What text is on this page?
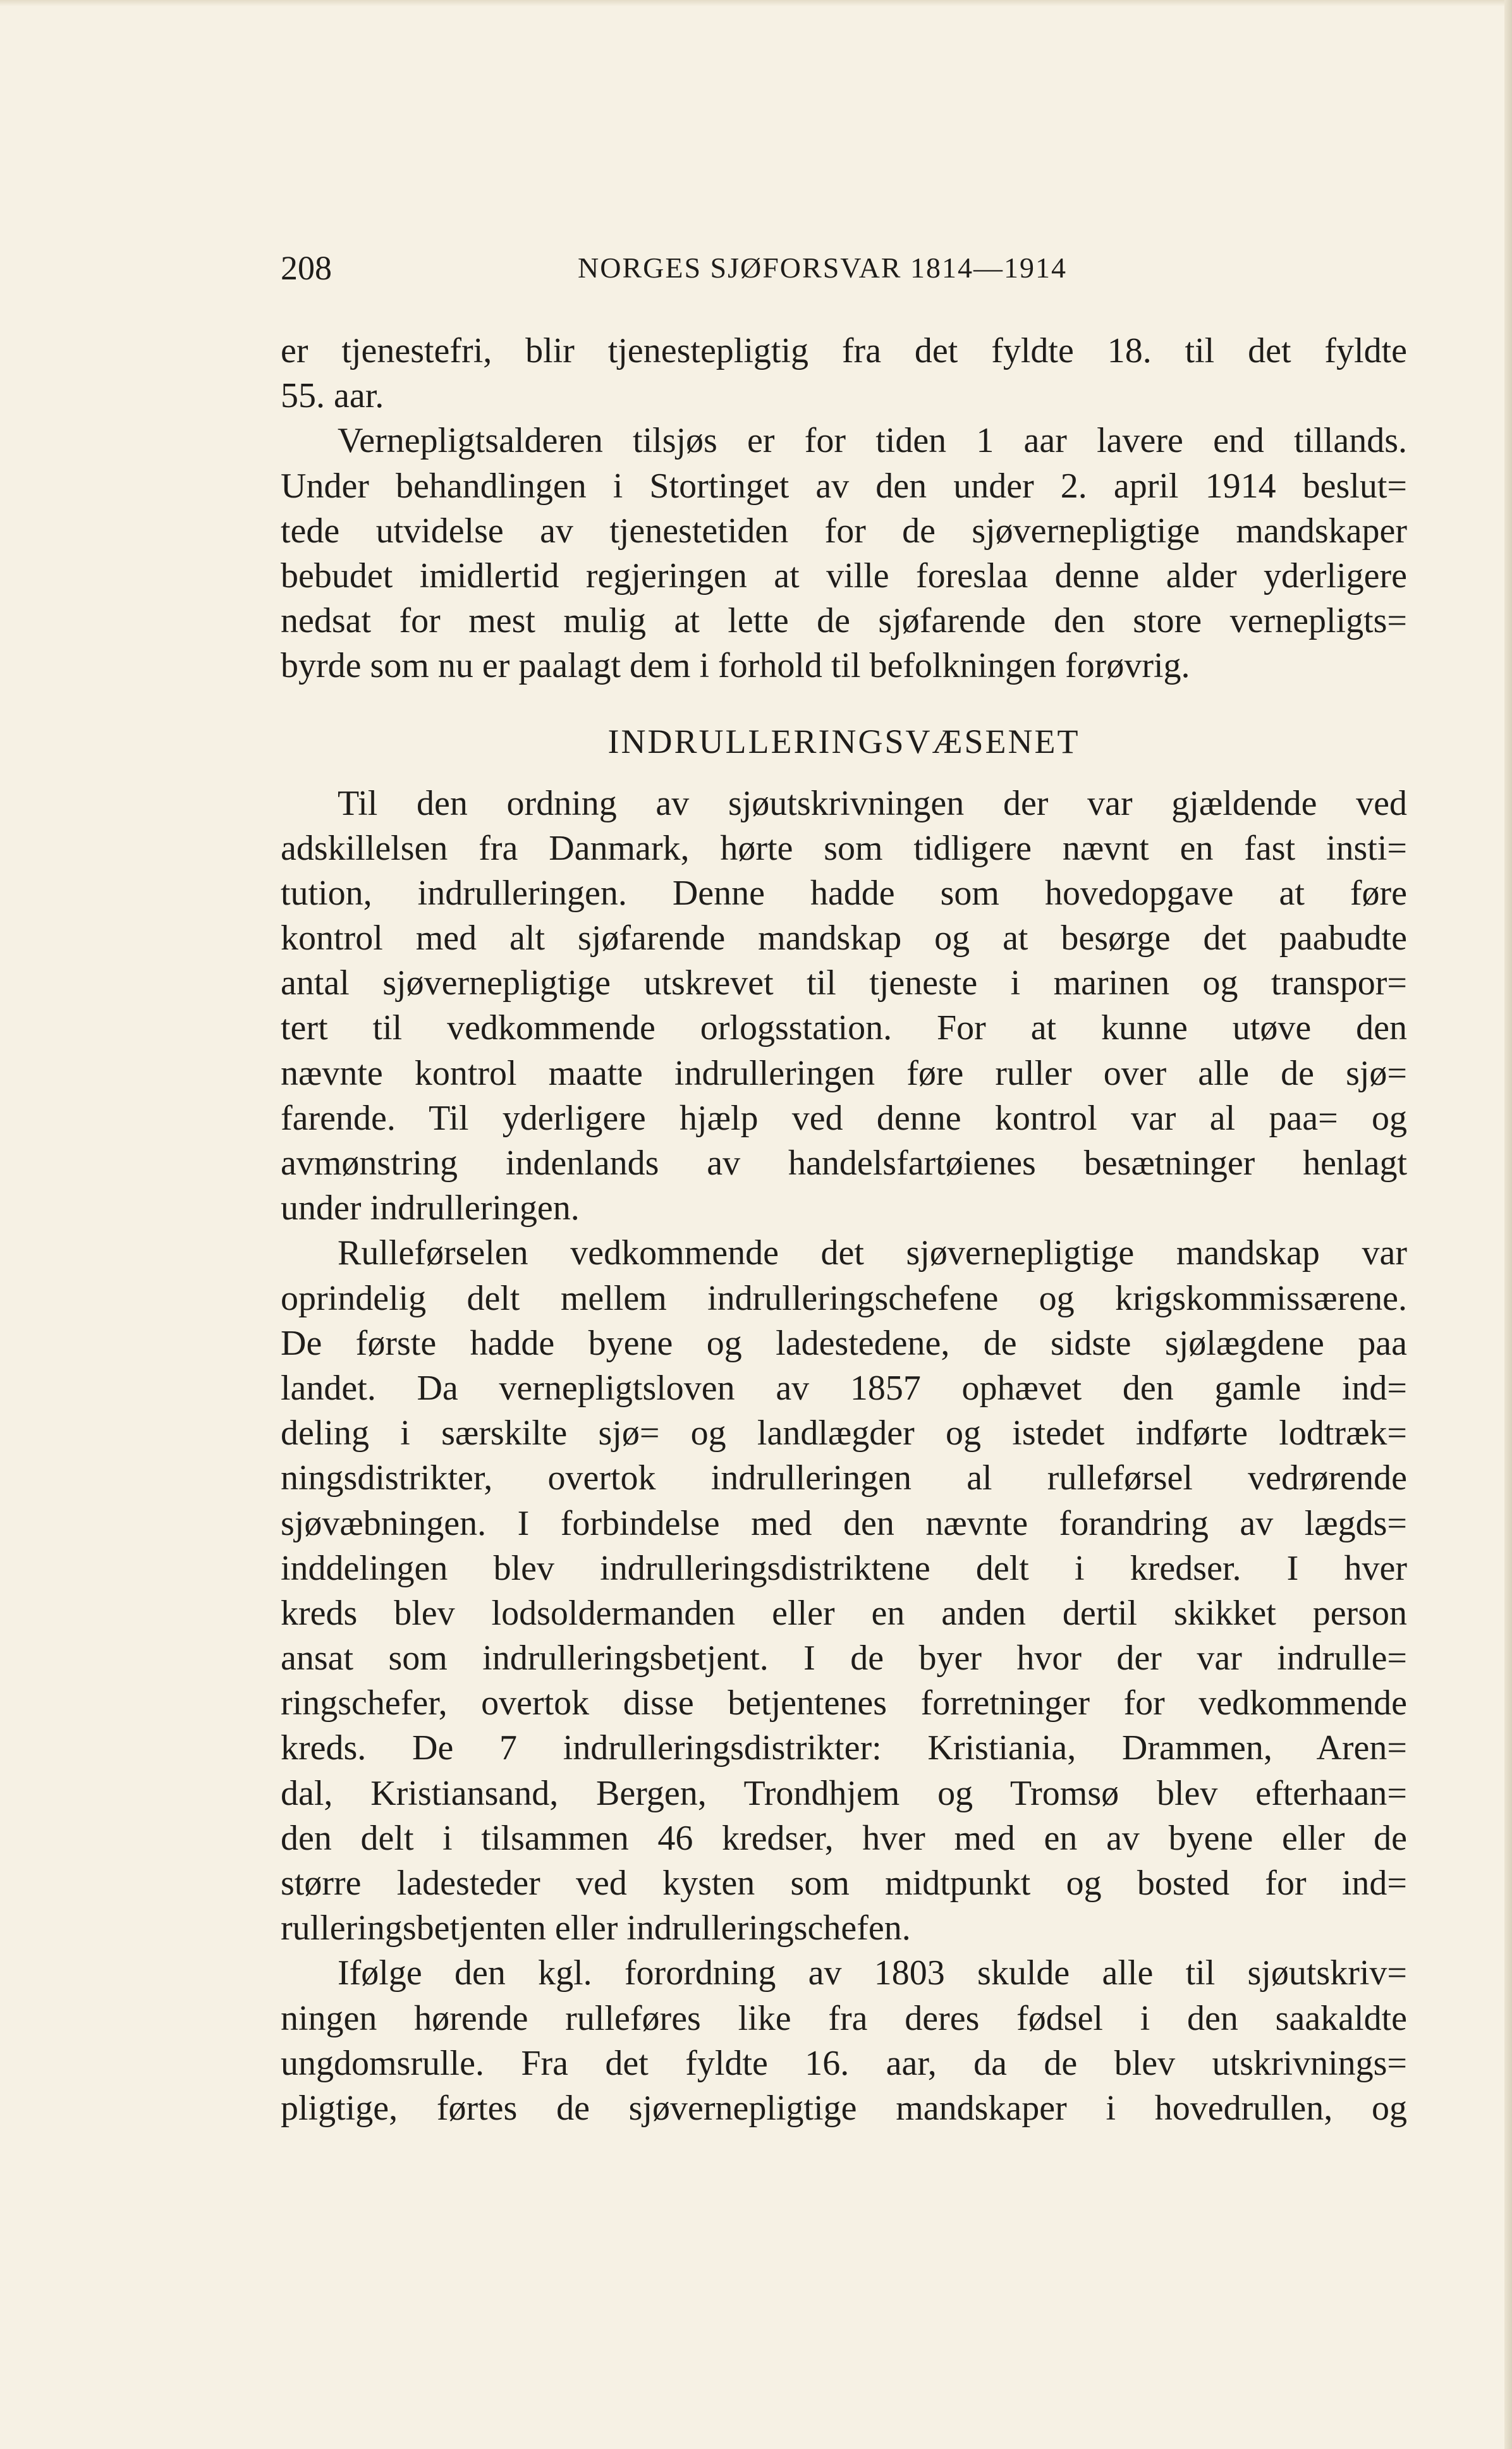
208	NORGES SJØFORSVAR 1814—1914
er tjenestefri, blir tjenestepligtig fra det fyldte 18. til det fyldte
55. aar.
Vernepligtsalderen tilsjøs er for tiden 1 aar lavere end tillands.
Under behandlingen i Stortinget av den under 2. april 1914 beslut=
tede utvidelse av tjenestetiden for de sjøvernepligtige mandskaper
bebudet imidlertid regjeringen at ville foreslaa denne alder yderligere
nedsat for mest mulig at lette de sjøfarende den store vernepligts=
byrde som nu er paalagt dem i forhold til befolkningen forøvrig.
INDRULLERINGSVÆSENET
Til den ordning av sjøutskrivningen der var gjældende ved
adskillelsen fra Danmark, hørte som tidligere nævnt en fast insti=
tution, indrulleringen. Denne hadde som hovedopgave at føre
kontrol med alt sjøfarende mandskap og at besørge det paabudte
antal sjøvernepligtige utskrevet til tjeneste i marinen og transpor=
tert til vedkommende orlogsstation. For at kunne utøve den
nævnte kontrol maatte indrulleringen føre ruller over alle de sjø=
farende. Til yderligere hjælp ved denne kontrol var al paa= og
avmønstring indenlands av handelsfartøienes besætninger henlagt
under indrulleringen.
Rulleførselen vedkommende det sjøvernepligtige mandskap var
oprindelig delt mellem indrulleringschefene og krigskommissærene.
De første hadde byene og ladestedene, de sidste sjølægdene paa
landet. Da vernepligtsloven av 1857 ophævet den gamle ind=
deling i særskilte sjø= og landlægder og istedet indførte lodtræk=
ningsdistrikter, overtok indrulleringen al rulleførsel vedrørende
sjøvæbningen. I forbindelse med den nævnte forandring av lægds=
inddelingen blev indrulleringsdistriktene delt i kredser. I hver
kreds blev lodsoldermanden eller en anden dertil skikket person
ansat som indrulleringsbetjent. I de byer hvor der var indrulle=
ringschefer, overtok disse betjentenes forretninger for vedkommende
kreds. De 7 indrulleringsdistrikter: Kristiania, Drammen, Aren=
dal, Kristiansand, Bergen, Trondhjem og Tromsø blev efterhaan=
den delt i tilsammen 46 kredser, hver med en av byene eller de
større ladesteder ved kysten som midtpunkt og bosted for ind=
rulleringsbetjenten eller indrulleringschefen.
Ifølge den kgl. forordning av 1803 skulde alle til sjøutskriv=
ningen hørende rulleføres like fra deres fødsel i den saakaldte
ungdomsrulle. Fra det fyldte 16. aar, da de blev utskrivnings=
pligtige, førtes de sjøvernepligtige mandskaper i hovedrullen, og
